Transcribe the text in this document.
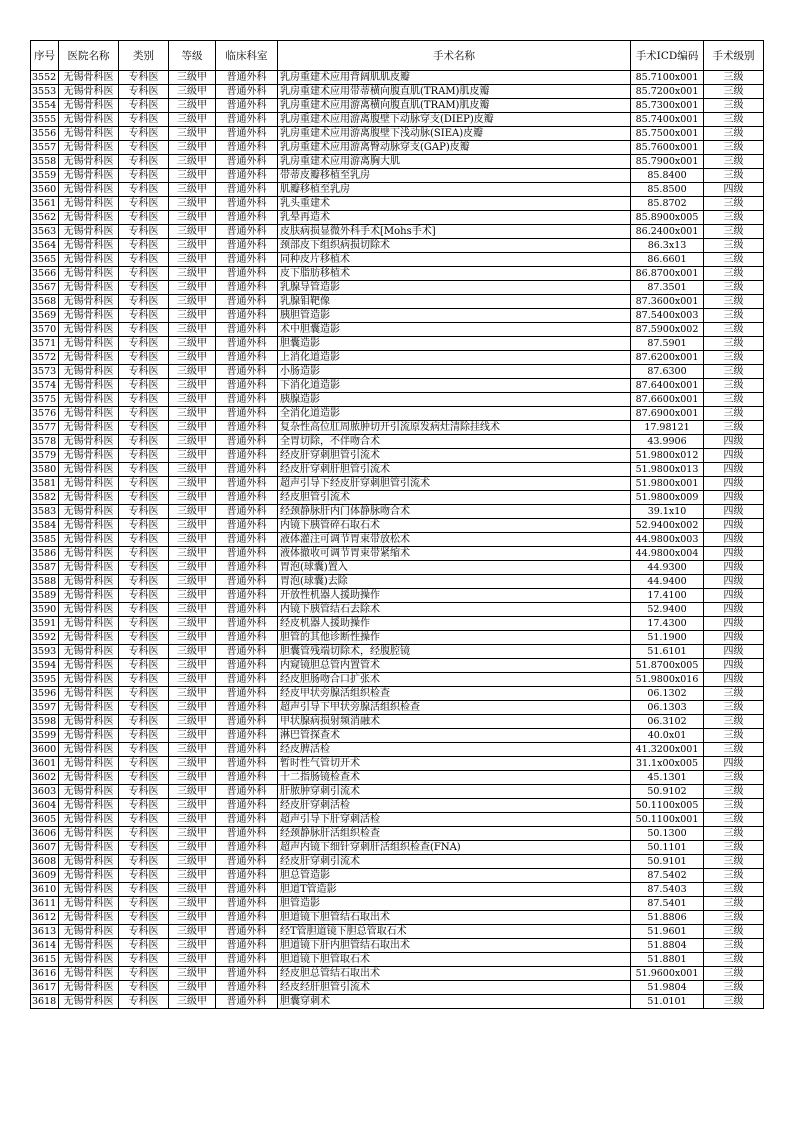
序号	医院名称	类别	等级	临床科室	手术名称	手术ICD编码	手术级别
3552	无锡骨科医	专科医	三级甲	普通外科	乳房重建术应用背阔肌肌皮瓣	85.7100x001	三级
3553	无锡骨科医	专科医	三级甲	普通外科	乳房重建术应用带蒂横向腹直肌(TRAM)肌皮瓣	85.7200x001	三级
3554	无锡骨科医	专科医	三级甲	普通外科	乳房重建术应用游离横向腹直肌(TRAM)肌皮瓣	85.7300x001	三级
3555	无锡骨科医	专科医	三级甲	普通外科	乳房重建术应用游离腹壁下动脉穿支(DIEP)皮瓣	85.7400x001	三级
3556	无锡骨科医	专科医	三级甲	普通外科	乳房重建术应用游离腹壁下浅动脉(SIEA)皮瓣	85.7500x001	三级
3557	无锡骨科医	专科医	三级甲	普通外科	乳房重建术应用游离臀动脉穿支(GAP)皮瓣	85.7600x001	三级
3558	无锡骨科医	专科医	三级甲	普通外科	乳房重建术应用游离胸大肌	85.7900x001	三级
3559	无锡骨科医	专科医	三级甲	普通外科	带蒂皮瓣移植至乳房	85.8400	三级
3560	无锡骨科医	专科医	三级甲	普通外科	肌瓣移植至乳房	85.8500	四级
3561	无锡骨科医	专科医	三级甲	普通外科	乳头重建术	85.8702	三级
3562	无锡骨科医	专科医	三级甲	普通外科	乳晕再造术	85.8900x005	三级
3563	无锡骨科医	专科医	三级甲	普通外科	皮肤病损显微外科手术[Mohs手术]	86.2400x001	三级
3564	无锡骨科医	专科医	三级甲	普通外科	颈部皮下组织病损切除术	86.3x13	三级
3565	无锡骨科医	专科医	三级甲	普通外科	同种皮片移植术	86.6601	三级
3566	无锡骨科医	专科医	三级甲	普通外科	皮下脂肪移植术	86.8700x001	三级
3567	无锡骨科医	专科医	三级甲	普通外科	乳腺导管造影	87.3501	三级
3568	无锡骨科医	专科医	三级甲	普通外科	乳腺钼靶像	87.3600x001	三级
3569	无锡骨科医	专科医	三级甲	普通外科	胰胆管造影	87.5400x003	三级
3570	无锡骨科医	专科医	三级甲	普通外科	术中胆囊造影	87.5900x002	三级
3571	无锡骨科医	专科医	三级甲	普通外科	胆囊造影	87.5901	三级
3572	无锡骨科医	专科医	三级甲	普通外科	上消化道造影	87.6200x001	三级
3573	无锡骨科医	专科医	三级甲	普通外科	小肠造影	87.6300	三级
3574	无锡骨科医	专科医	三级甲	普通外科	下消化道造影	87.6400x001	三级
3575	无锡骨科医	专科医	三级甲	普通外科	胰腺造影	87.6600x001	三级
3576	无锡骨科医	专科医	三级甲	普通外科	全消化道造影	87.6900x001	三级
3577	无锡骨科医	专科医	三级甲	普通外科	复杂性高位肛周脓肿切开引流原发病灶清除挂线术	17.98121	三级
3578	无锡骨科医	专科医	三级甲	普通外科	全胃切除，不伴吻合术	43.9906	四级
3579	无锡骨科医	专科医	三级甲	普通外科	经皮肝穿刺胆管引流术	51.9800x012	四级
3580	无锡骨科医	专科医	三级甲	普通外科	经皮肝穿刺肝胆管引流术	51.9800x013	四级
3581	无锡骨科医	专科医	三级甲	普通外科	超声引导下经皮肝穿刺胆管引流术	51.9800x001	四级
3582	无锡骨科医	专科医	三级甲	普通外科	经皮胆管引流术	51.9800x009	四级
3583	无锡骨科医	专科医	三级甲	普通外科	经颈静脉肝内门体静脉吻合术	39.1x10	四级
3584	无锡骨科医	专科医	三级甲	普通外科	内镜下胰管碎石取石术	52.9400x002	四级
3585	无锡骨科医	专科医	三级甲	普通外科	液体灌注可调节胃束带放松术	44.9800x003	四级
3586	无锡骨科医	专科医	三级甲	普通外科	液体撤收可调节胃束带紧缩术	44.9800x004	四级
3587	无锡骨科医	专科医	三级甲	普通外科	胃泡(球囊)置入	44.9300	四级
3588	无锡骨科医	专科医	三级甲	普通外科	胃泡(球囊)去除	44.9400	四级
3589	无锡骨科医	专科医	三级甲	普通外科	开放性机器人援助操作	17.4100	四级
3590	无锡骨科医	专科医	三级甲	普通外科	内镜下胰管结石去除术	52.9400	四级
3591	无锡骨科医	专科医	三级甲	普通外科	经皮机器人援助操作	17.4300	四级
3592	无锡骨科医	专科医	三级甲	普通外科	胆管的其他诊断性操作	51.1900	四级
3593	无锡骨科医	专科医	三级甲	普通外科	胆囊管残端切除术，经腹腔镜	51.6101	四级
3594	无锡骨科医	专科医	三级甲	普通外科	内窥镜胆总管内置管术	51.8700x005	四级
3595	无锡骨科医	专科医	三级甲	普通外科	经皮胆肠吻合口扩张术	51.9800x016	四级
3596	无锡骨科医	专科医	三级甲	普通外科	经皮甲状旁腺活组织检查	06.1302	三级
3597	无锡骨科医	专科医	三级甲	普通外科	超声引导下甲状旁腺活组织检查	06.1303	三级
3598	无锡骨科医	专科医	三级甲	普通外科	甲状腺病损射频消融术	06.3102	三级
3599	无锡骨科医	专科医	三级甲	普通外科	淋巴管探查术	40.0x01	三级
3600	无锡骨科医	专科医	三级甲	普通外科	经皮脾活检	41.3200x001	三级
3601	无锡骨科医	专科医	三级甲	普通外科	暂时性气管切开术	31.1x00x005	四级
3602	无锡骨科医	专科医	三级甲	普通外科	十二指肠镜检查术	45.1301	三级
3603	无锡骨科医	专科医	三级甲	普通外科	肝脓肿穿刺引流术	50.9102	三级
3604	无锡骨科医	专科医	三级甲	普通外科	经皮肝穿刺活检	50.1100x005	三级
3605	无锡骨科医	专科医	三级甲	普通外科	超声引导下肝穿刺活检	50.1100x001	三级
3606	无锡骨科医	专科医	三级甲	普通外科	经颈静脉肝活组织检查	50.1300	三级
3607	无锡骨科医	专科医	三级甲	普通外科	超声内镜下细针穿刺肝活组织检查(FNA)	50.1101	三级
3608	无锡骨科医	专科医	三级甲	普通外科	经皮肝穿刺引流术	50.9101	三级
3609	无锡骨科医	专科医	三级甲	普通外科	胆总管造影	87.5402	三级
3610	无锡骨科医	专科医	三级甲	普通外科	胆道T管造影	87.5403	三级
3611	无锡骨科医	专科医	三级甲	普通外科	胆管造影	87.5401	三级
3612	无锡骨科医	专科医	三级甲	普通外科	胆道镜下胆管结石取出术	51.8806	三级
3613	无锡骨科医	专科医	三级甲	普通外科	经T管胆道镜下胆总管取石术	51.9601	三级
3614	无锡骨科医	专科医	三级甲	普通外科	胆道镜下肝内胆管结石取出术	51.8804	三级
3615	无锡骨科医	专科医	三级甲	普通外科	胆道镜下胆管取石术	51.8801	三级
3616	无锡骨科医	专科医	三级甲	普通外科	经皮胆总管结石取出术	51.9600x001	三级
3617	无锡骨科医	专科医	三级甲	普通外科	经皮经肝胆管引流术	51.9804	三级
3618	无锡骨科医	专科医	三级甲	普通外科	胆囊穿刺术	51.0101	三级
